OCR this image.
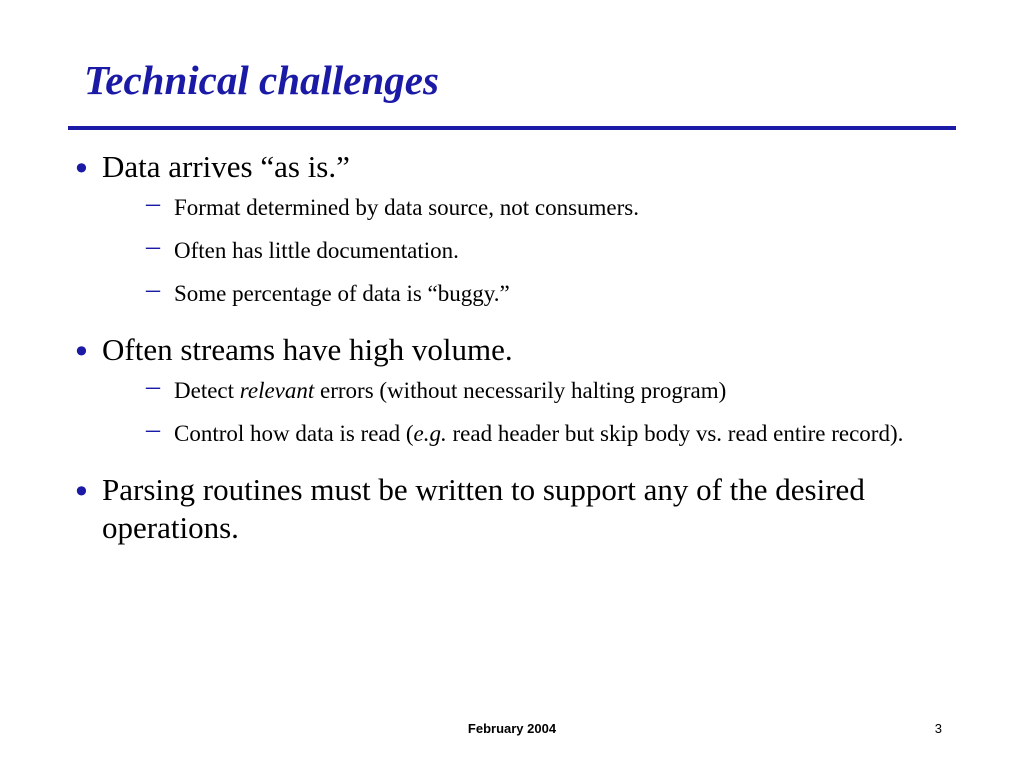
Technical challenges
• Data arrives “as is.”
– Format determined by data source, not consumers.
– Often has little documentation.
– Some percentage of data is “buggy.”
• Often streams have high volume.
– Detect relevant errors (without necessarily halting program)
– Control how data is read (e.g. read header but skip body vs. read entire record).
• Parsing routines must be written to support any of the desired operations.
February 2004	3
